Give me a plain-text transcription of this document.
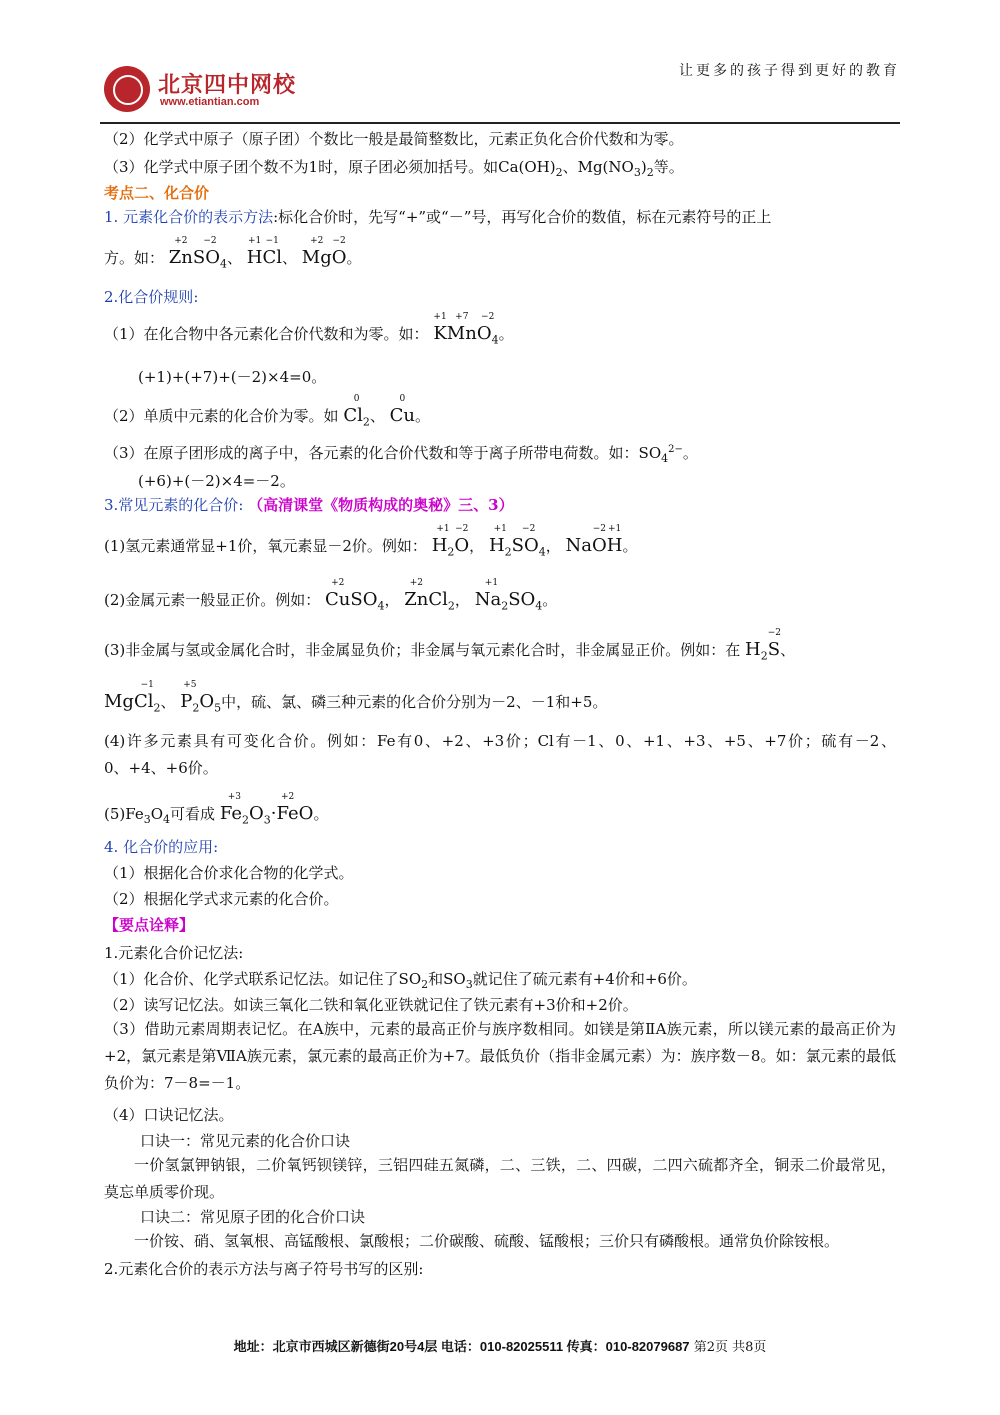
北京四中网校
www.etiantian.com
让更多的孩子得到更好的教育
（2）化学式中原子（原子团）个数比一般是最简整数比，元素正负化合价代数和为零。
（3）化学式中原子团个数不为1时，原子团必须加括号。如$Ca(OH)_2$、$Mg(NO_3)_2$等。
考点二、化合价
1. 元素化合价的表示方法:标化合价时，先写“+”或“－”号，再写化合价的数值，标在元素符号的正上
方。如：
+2
Zn
−2
$SO_4$、
+1
H
−1
Cl、
+2
Mg
−2
O。
2.化合价规则:
（1）在化合物中各元素化合价代数和为零。如：
+1
K
+7
Mn
−2
$O_4$。
(+1)+(+7)+(－2)×4=0。
（2）单质中元素的化合价为零。如
0
$Cl_2$、
0
Cu。
（3）在原子团形成的离子中，各元素的化合价代数和等于离子所带电荷数。如：$SO_4^{2-}$。
(+6)+(－2)×4=－2。
3.常见元素的化合价: （高清课堂《物质构成的奥秘》三、3）
(1)氢元素通常显+1价，氧元素显－2价。例如：
+1
$H_2$
−2
O，
+1
$H_2$
−2
$SO_4$， Na
−2
O
+1
H。
(2)金属元素一般显正价。例如：
+2
CuSO$_4$，
+2
ZnCl$_2$，
+1
$Na_2SO_4$。
(3)非金属与氢或金属化合时，非金属显负价；非金属与氧元素化合时，非金属显正价。例如：在 $H_2$
−2
S、
Mg
−1
$Cl_2$、
+5
$P_2O_5$中，硫、氯、磷三种元素的化合价分别为－2、－1和+5。
(4)许多元素具有可变化合价。例如：Fe有0、+2、+3价；Cl有－1、0、+1、+3、+5、+7价；硫有－2、0、+4、+6价。
$(5)Fe_3O_4$可看成
+3
$Fe_2O_3\cdot$
+2
FeO。
4. 化合价的应用:
（1）根据化合价求化合物的化学式。
（2）根据化学式求元素的化合价。
【要点诠释】
1.元素化合价记忆法:
（1）化合价、化学式联系记忆法。如记住了$SO_2$和$SO_3$就记住了硫元素有+4价和+6价。
（2）读写记忆法。如读三氧化二铁和氧化亚铁就记住了铁元素有+3价和+2价。
（3）借助元素周期表记忆。在A族中，元素的最高正价与族序数相同。如镁是第ⅡA族元素，所以镁元素的最高正价为+2，氯元素是第ⅦA族元素，氯元素的最高正价为+7。最低负价（指非金属元素）为：族序数－8。如：氯元素的最低负价为：7－8=－1。
（4）口诀记忆法。
口诀一：常见元素的化合价口诀
一价氢氯钾钠银，二价氧钙钡镁锌，三铝四硅五氮磷，二、三铁，二、四碳，二四六硫都齐全，铜汞二价最常见，莫忘单质零价现。
口诀二：常见原子团的化合价口诀
一价铵、硝、氢氧根、高锰酸根、氯酸根；二价碳酸、硫酸、锰酸根；三价只有磷酸根。通常负价除铵根。
2.元素化合价的表示方法与离子符号书写的区别:
地址：北京市西城区新德街20号4层 电话：010-82025511 传真：010-82079687 第2页 共8页
